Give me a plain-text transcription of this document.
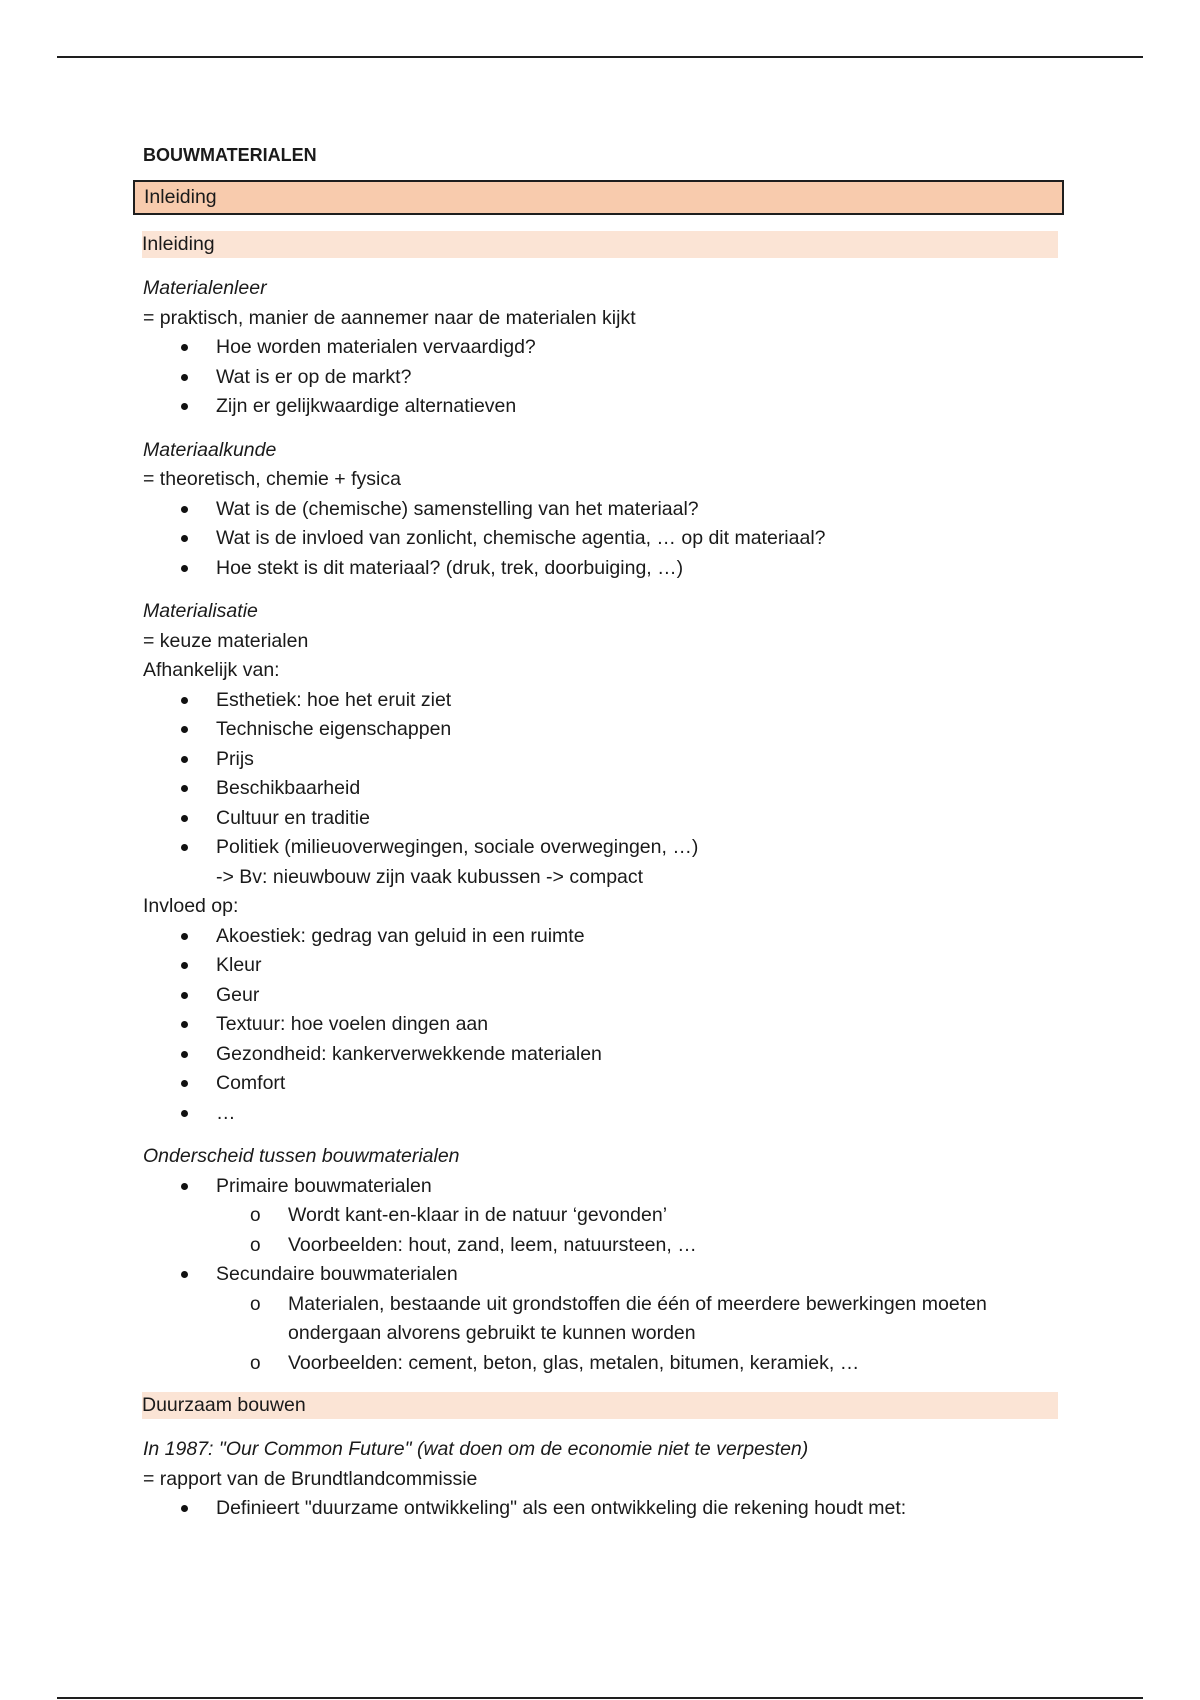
BOUWMATERIALEN
Inleiding
Inleiding
Materialenleer
= praktisch, manier de aannemer naar de materialen kijkt
Hoe worden materialen vervaardigd?
Wat is er op de markt?
Zijn er gelijkwaardige alternatieven
Materiaalkunde
= theoretisch, chemie + fysica
Wat is de (chemische) samenstelling van het materiaal?
Wat is de invloed van zonlicht, chemische agentia, … op dit materiaal?
Hoe stekt is dit materiaal? (druk, trek, doorbuiging, …)
Materialisatie
= keuze materialen
Afhankelijk van:
Esthetiek: hoe het eruit ziet
Technische eigenschappen
Prijs
Beschikbaarheid
Cultuur en traditie
Politiek (milieuoverwegingen, sociale overwegingen, …)
-> Bv: nieuwbouw zijn vaak kubussen -> compact
Invloed op:
Akoestiek: gedrag van geluid in een ruimte
Kleur
Geur
Textuur: hoe voelen dingen aan
Gezondheid: kankerverwekkende materialen
Comfort
…
Onderscheid tussen bouwmaterialen
Primaire bouwmaterialen
o Wordt kant-en-klaar in de natuur ‘gevonden’
o Voorbeelden: hout, zand, leem, natuursteen, …
Secundaire bouwmaterialen
o Materialen, bestaande uit grondstoffen die één of meerdere bewerkingen moeten ondergaan alvorens gebruikt te kunnen worden
o Voorbeelden: cement, beton, glas, metalen, bitumen, keramiek, …
Duurzaam bouwen
In 1987: "Our Common Future" (wat doen om de economie niet te verpesten)
= rapport van de Brundtlandcommissie
Definieert "duurzame ontwikkeling" als een ontwikkeling die rekening houdt met:
